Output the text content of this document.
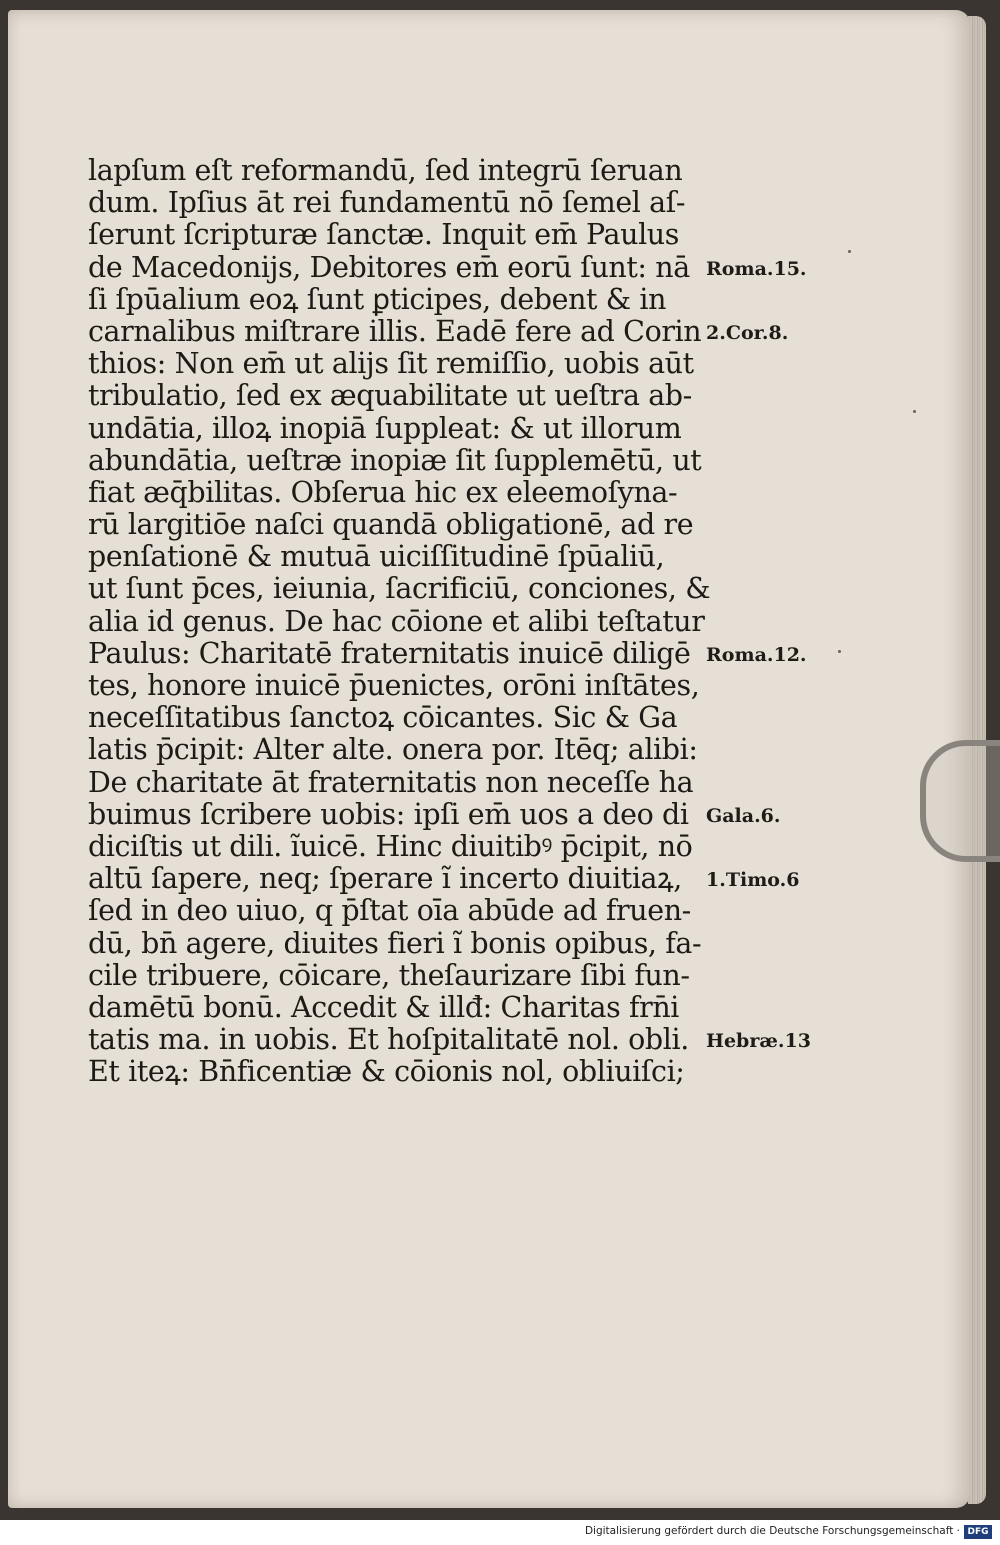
lapſum eſt reformandū, ſed integrū ſeruan
dum. Ipſius āt rei fundamentū nō ſemel aſ-
ſerunt ſcripturæ ſanctæ. Inquit em̄ Paulus
de Macedonijs, Debitores em̄ eorū ſunt: nā
ſi ſpūalium eoꝝ ſunt ꝑticipes, debent & in
carnalibus miſtrare illis. Eadē fere ad Corin
thios: Non em̄ ut alijs ſit remiſſio, uobis aūt
tribulatio, ſed ex æquabilitate ut ueſtra ab-
undātia, illoꝝ inopiā ſuppleat: & ut illorum
abundātia, ueſtræ inopiæ ſit ſupplemētū, ut
fiat æq̄bilitas. Obſerua hic ex eleemoſyna-
rū largitiōe naſci quandā obligationē, ad re
penſationē & mutuā uiciſſitudinē ſpūaliū,
ut ſunt p̄ces, ieiunia, ſacrificiū, conciones, &
alia id genus. De hac cōione et alibi teſtatur
Paulus: Charitatē fraternitatis inuicē diligē
tes, honore inuicē p̄uenictes, orōni inſtātes,
neceſſitatibus ſanctoꝝ cōicantes. Sic & Ga
latis p̄cipit: Alter alte. onera por. Itēq; alibi:
De charitate āt fraternitatis non neceſſe ha
buimus ſcribere uobis: ipſi em̄ uos a deo di
diciſtis ut dili. ĩuicē. Hinc diuitibꝰ p̄cipit, nō
altū ſapere, neq; ſperare ĩ incerto diuitiaꝝ,
ſed in deo uiuo, q p̄ſtat oīa abūde ad fruen-
dū, bn̄ agere, diuites fieri ĩ bonis opibus, fa-
cile tribuere, cōicare, theſaurizare ſibi fun-
damētū bonū. Accedit & illđ: Charitas frn̄i
tatis ma. in uobis. Et hoſpitalitatē nol. obli.
Et iteꝝ: Bn̄ficentiæ & cōionis nol, obliuiſci;
Roma.15.
2.Cor.8.
Roma.12.
Gala.6.
1.Timo.6
Hebræ.13
Digitalisierung gefördert durch die Deutsche Forschungsgemeinschaft · DFG
